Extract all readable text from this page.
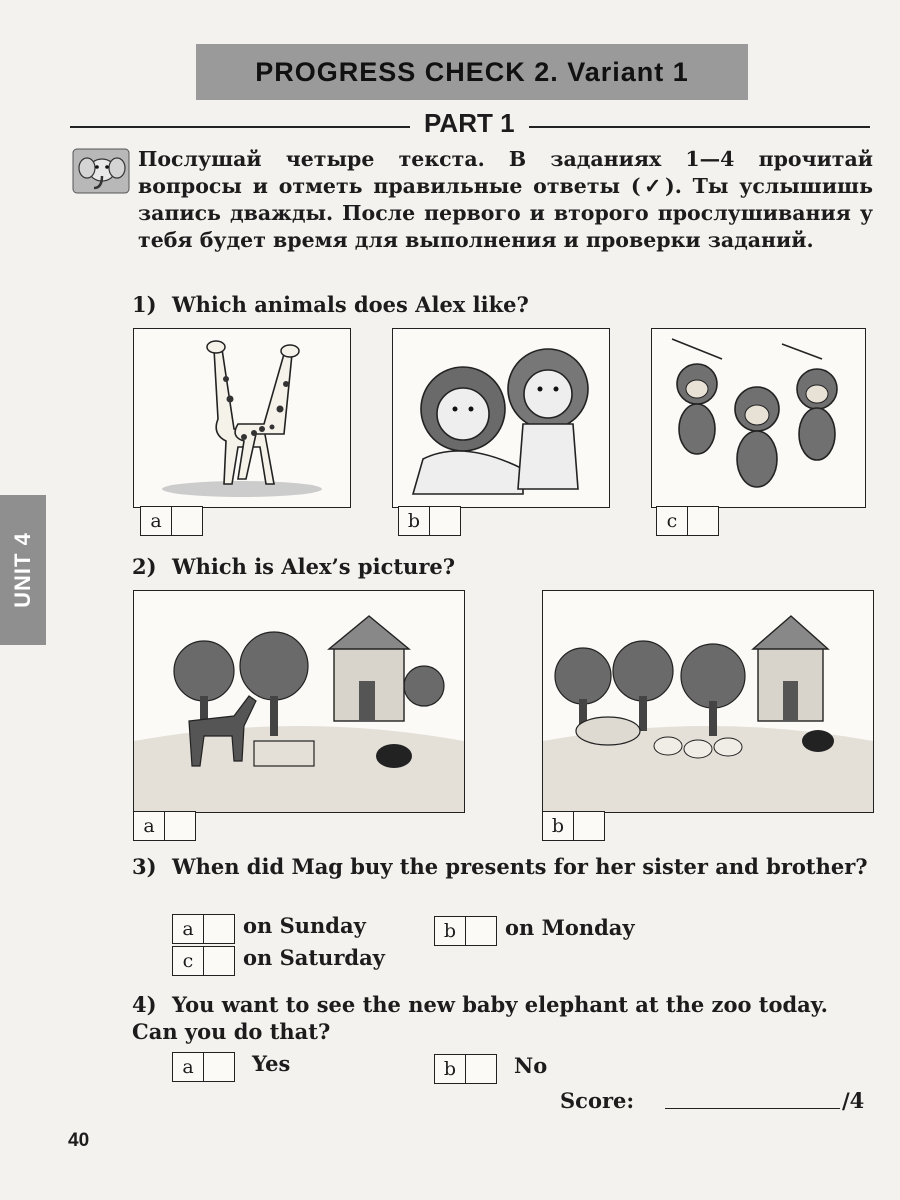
PROGRESS CHECK 2. Variant 1
PART 1
UNIT 4
Послушай четыре текста. В заданиях 1—4 прочитай вопросы и отметь правильные ответы (✓). Ты услышишь запись дважды. После первого и второго прослушивания у тебя будет время для выполнения и проверки заданий.
1) Which animals does Alex like?
a	b	c
2) Which is Alex’s picture?
a	b
3) When did Mag buy the presents for her sister and brother?
a	on Sunday	b	on Monday
c	on Saturday
4) You want to see the new baby elephant at the zoo today. Can you do that?
a	Yes	b	No
Score:	/4
40
